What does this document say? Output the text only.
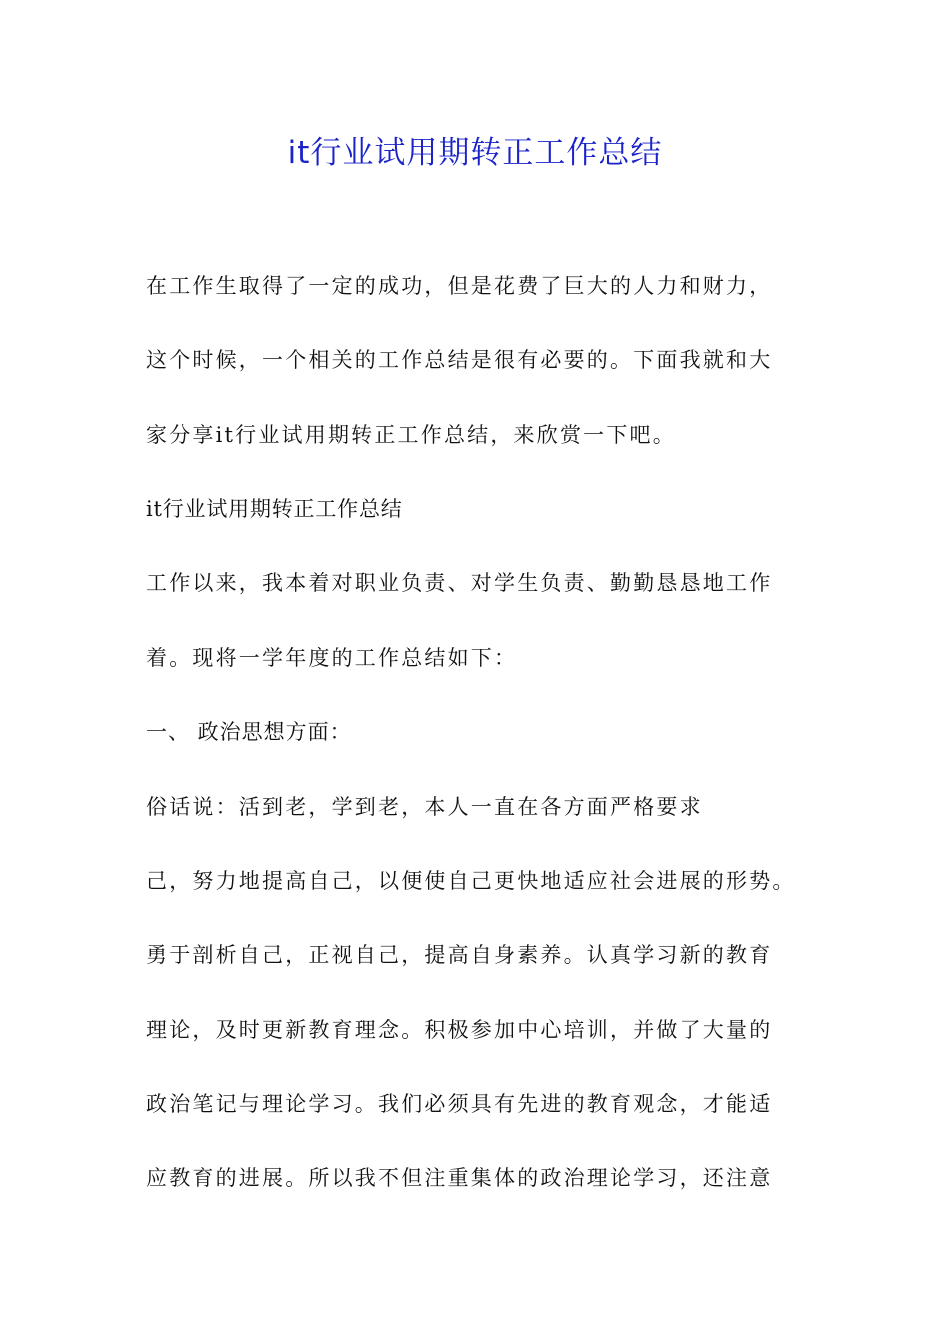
it行业试用期转正工作总结
在工作生取得了一定的成功，但是花费了巨大的人力和财力，
这个时候，一个相关的工作总结是很有必要的。下面我就和大
家分享it行业试用期转正工作总结，来欣赏一下吧。
it行业试用期转正工作总结
工作以来，我本着对职业负责、对学生负责、勤勤恳恳地工作
着。现将一学年度的工作总结如下：
一、 政治思想方面：
俗话说：活到老，学到老，本人一直在各方面严格要求
己，努力地提高自己，以便使自己更快地适应社会进展的形势。
勇于剖析自己，正视自己，提高自身素养。认真学习新的教育
理论，及时更新教育理念。积极参加中心培训，并做了大量的
政治笔记与理论学习。我们必须具有先进的教育观念，才能适
应教育的进展。所以我不但注重集体的政治理论学习，还注意
